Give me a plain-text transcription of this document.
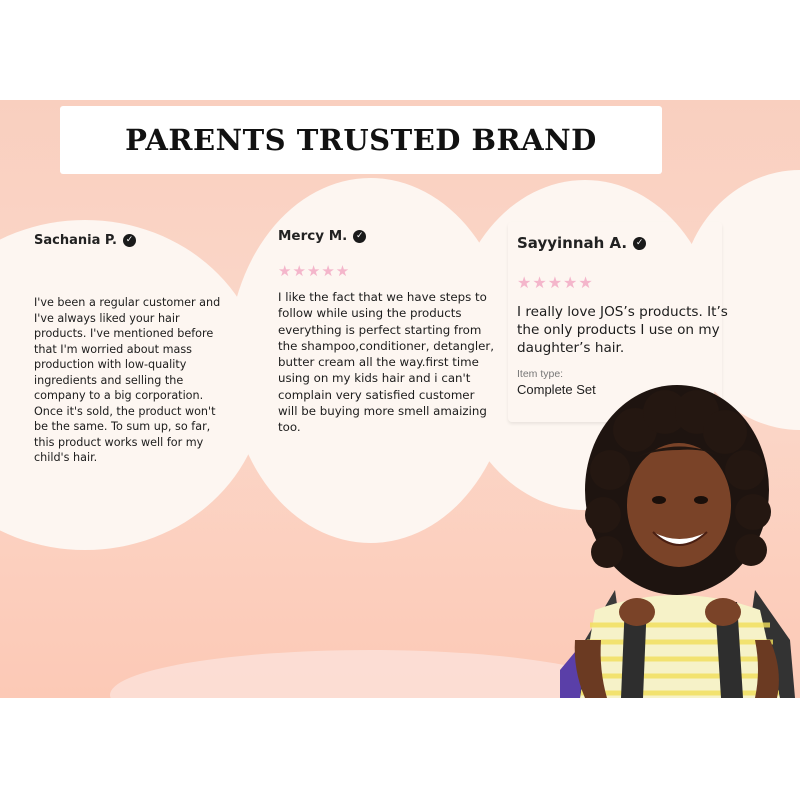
PARENTS TRUSTED BRAND
Sachania P. ✓
I've been a regular customer and I've always liked your hair products. I've mentioned before that I'm worried about mass production with low-quality ingredients and selling the company to a big corporation. Once it's sold, the product won't be the same. To sum up, so far, this product works well for my child's hair.
Mercy M. ✓
★★★★★
I like the fact that we have steps to follow while using the products everything is perfect starting from the shampoo,conditioner, detangler, butter cream all the way.first time using on my kids hair and i can't complain very satisfied customer will be buying more smell amaizing too.
Sayyinnah A. ✓
★★★★★
I really love JOS’s products. It’s the only products I use on my daughter’s hair.
Item type:
Complete Set
